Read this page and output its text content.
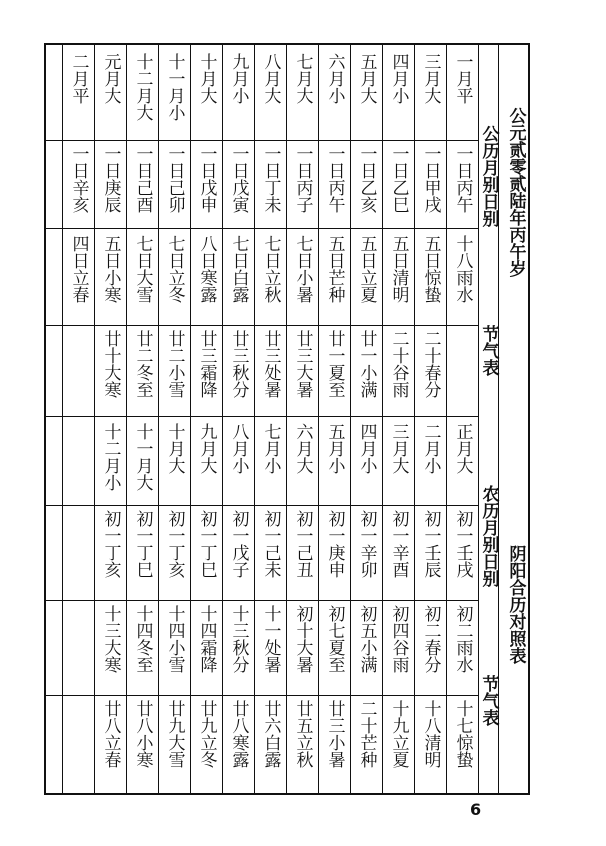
公元贰零贰陆年丙午岁
阴阳合历对照表
公历月别日别
节气表
农历月别日别
节气表
一月平
一日丙午
十八雨水
正月大
初一壬戌
初二雨水
十七惊蛰
三月大
一日甲戌
五日惊蛰
二十春分
二月小
初一壬辰
初二春分
十八清明
四月小
一日乙巳
五日清明
二十谷雨
三月大
初一辛酉
初四谷雨
十九立夏
五月大
一日乙亥
五日立夏
廿一小满
四月小
初一辛卯
初五小满
二十芒种
六月小
一日丙午
五日芒种
廿一夏至
五月小
初一庚申
初七夏至
廿三小暑
七月大
一日丙子
七日小暑
廿三大暑
六月大
初一己丑
初十大暑
廿五立秋
八月大
一日丁未
七日立秋
廿三处暑
七月小
初一己未
十一处暑
廿六白露
九月小
一日戊寅
七日白露
廿三秋分
八月小
初一戊子
十三秋分
廿八寒露
十月大
一日戊申
八日寒露
廿三霜降
九月大
初一丁巳
十四霜降
廿九立冬
十一月小
一日己卯
七日立冬
廿二小雪
十月大
初一丁亥
十四小雪
廿九大雪
十二月大
一日己酉
七日大雪
廿二冬至
十一月大
初一丁巳
十四冬至
廿八小寒
元月大
一日庚辰
五日小寒
廿十大寒
十二月小
初一丁亥
十三大寒
廿八立春
二月平
一日辛亥
四日立春
6
